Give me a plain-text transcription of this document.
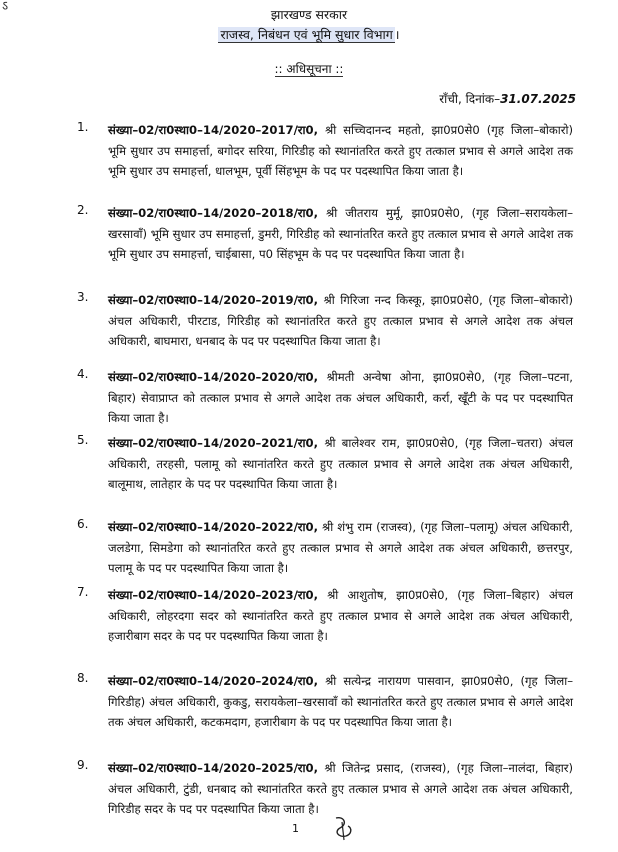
ऽ
झारखण्ड सरकार
राजस्व, निबंधन एवं भूमि सुधार विभाग ।
:: अधिसूचना ::
राँची, दिनांक–31.07.2025
1. संख्या–02/रा0स्था0–14/2020–2017/रा0, श्री सच्चिदानन्द महतो, झा0प्र0से0 (गृह जिला–बोकारो) भूमि सुधार उप समाहर्त्ता, बगोदर सरिया, गिरिडीह को स्थानांतरित करते हुए तत्काल प्रभाव से अगले आदेश तक भूमि सुधार उप समाहर्त्ता, धालभूम, पूर्वी सिंहभूम के पद पर पदस्थापित किया जाता है।
2. संख्या–02/रा0स्था0–14/2020–2018/रा0, श्री जीतराय मुर्मू, झा0प्र0से0, (गृह जिला–सरायकेला–खरसावाँ) भूमि सुधार उप समाहर्त्ता, डुमरी, गिरिडीह को स्थानांतरित करते हुए तत्काल प्रभाव से अगले आदेश तक भूमि सुधार उप समाहर्त्ता, चाईबासा, प0 सिंहभूम के पद पर पदस्थापित किया जाता है।
3. संख्या–02/रा0स्था0–14/2020–2019/रा0, श्री गिरिजा नन्द किस्कू, झा0प्र0से0, (गृह जिला–बोकारो) अंचल अधिकारी, पीरटाड, गिरिडीह को स्थानांतरित करते हुए तत्काल प्रभाव से अगले आदेश तक अंचल अधिकारी, बाघमारा, धनबाद के पद पर पदस्थापित किया जाता है।
4. संख्या–02/रा0स्था0–14/2020–2020/रा0, श्रीमती अन्वेषा ओना, झा0प्र0से0, (गृह जिला–पटना, बिहार) सेवाप्राप्त को तत्काल प्रभाव से अगले आदेश तक अंचल अधिकारी, कर्रा, खूँटी के पद पर पदस्थापित किया जाता है।
5. संख्या–02/रा0स्था0–14/2020–2021/रा0, श्री बालेश्वर राम, झा0प्र0से0, (गृह जिला–चतरा) अंचल अधिकारी, तरहसी, पलामू को स्थानांतरित करते हुए तत्काल प्रभाव से अगले आदेश तक अंचल अधिकारी, बालूमाथ, लातेहार के पद पर पदस्थापित किया जाता है।
6. संख्या–02/रा0स्था0–14/2020–2022/रा0, श्री शंभु राम (राजस्व), (गृह जिला–पलामू) अंचल अधिकारी, जलडेगा, सिमडेगा को स्थानांतरित करते हुए तत्काल प्रभाव से अगले आदेश तक अंचल अधिकारी, छत्तरपुर, पलामू के पद पर पदस्थापित किया जाता है।
7. संख्या–02/रा0स्था0–14/2020–2023/रा0, श्री आशुतोष, झा0प्र0से0, (गृह जिला–बिहार) अंचल अधिकारी, लोहरदगा सदर को स्थानांतरित करते हुए तत्काल प्रभाव से अगले आदेश तक अंचल अधिकारी, हजारीबाग सदर के पद पर पदस्थापित किया जाता है।
8. संख्या–02/रा0स्था0–14/2020–2024/रा0, श्री सत्येन्द्र नारायण पासवान, झा0प्र0से0, (गृह जिला–गिरिडीह) अंचल अधिकारी, कुकडु, सरायकेला–खरसावाँ को स्थानांतरित करते हुए तत्काल प्रभाव से अगले आदेश तक अंचल अधिकारी, कटकमदाग, हजारीबाग के पद पर पदस्थापित किया जाता है।
9. संख्या–02/रा0स्था0–14/2020–2025/रा0, श्री जितेन्द्र प्रसाद, (राजस्व), (गृह जिला–नालंदा, बिहार) अंचल अधिकारी, टुंडी, धनबाद को स्थानांतरित करते हुए तत्काल प्रभाव से अगले आदेश तक अंचल अधिकारी, गिरिडीह सदर के पद पर पदस्थापित किया जाता है।
1
